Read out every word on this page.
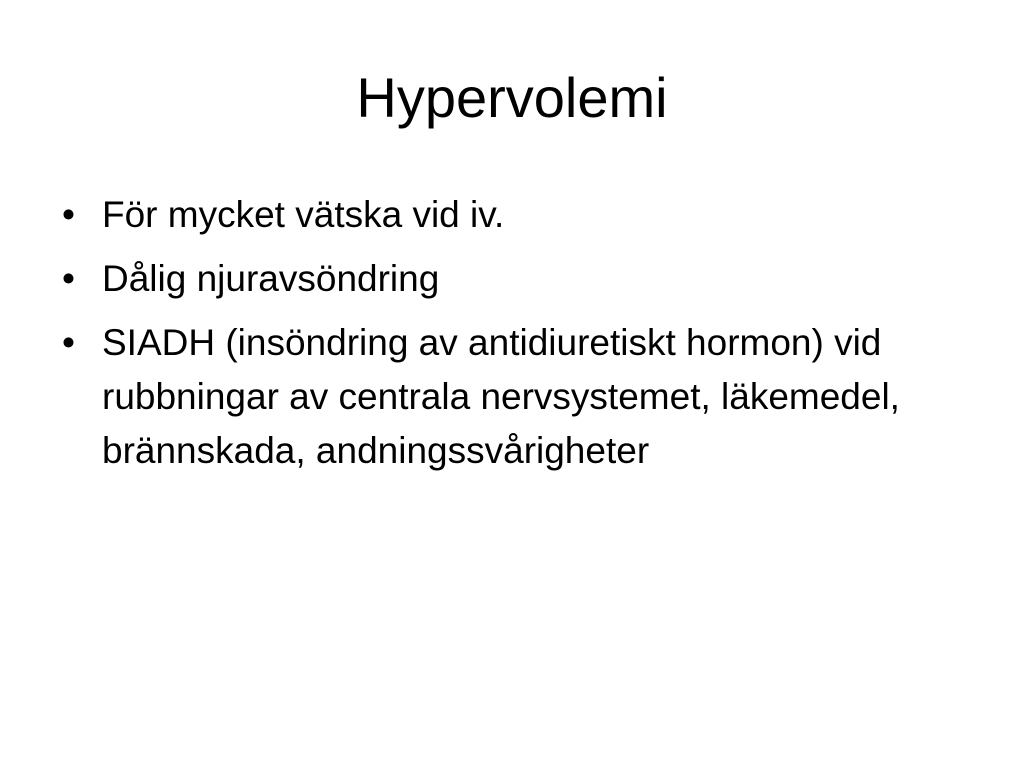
Hypervolemi
• För mycket vätska vid iv.
• Dålig njuravsöndring
• SIADH (insöndring av antidiuretiskt hormon) vid rubbningar av centrala nervsystemet, läkemedel, brännskada, andningssvårigheter
